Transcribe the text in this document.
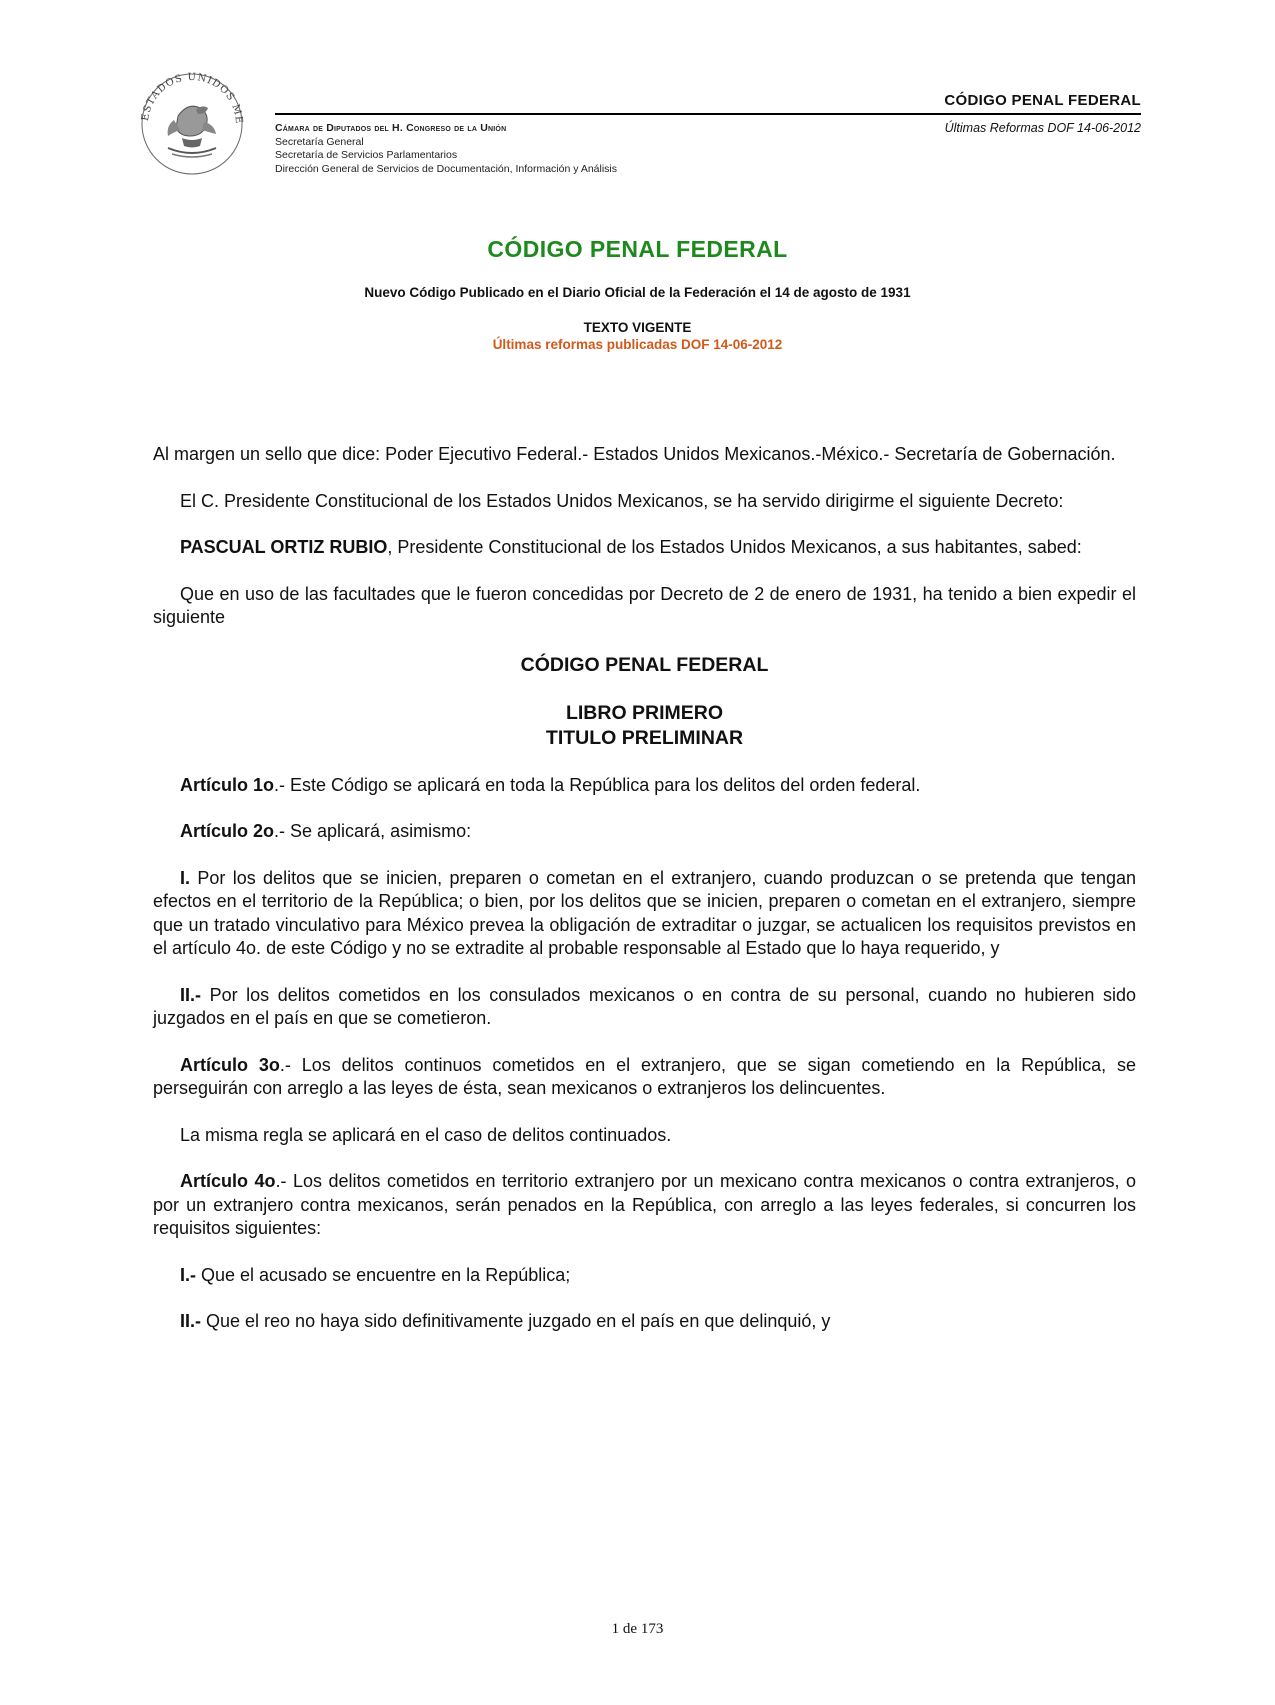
ESTADOS UNIDOS ME
CÓDIGO PENAL FEDERAL
Últimas Reformas DOF 14-06-2012
Cámara de Diputados del H. Congreso de la Unión
Secretaría General
Secretaría de Servicios Parlamentarios
Dirección General de Servicios de Documentación, Información y Análisis
CÓDIGO PENAL FEDERAL
Nuevo Código Publicado en el Diario Oficial de la Federación el 14 de agosto de 1931
TEXTO VIGENTE
Últimas reformas publicadas DOF 14-06-2012

Al margen un sello que dice: Poder Ejecutivo Federal.- Estados Unidos Mexicanos.-México.- Secretaría de Gobernación.

El C. Presidente Constitucional de los Estados Unidos Mexicanos, se ha servido dirigirme el siguiente Decreto:

PASCUAL ORTIZ RUBIO, Presidente Constitucional de los Estados Unidos Mexicanos, a sus habitantes, sabed:

Que en uso de las facultades que le fueron concedidas por Decreto de 2 de enero de 1931, ha tenido a bien expedir el siguiente

CÓDIGO PENAL FEDERAL
LIBRO PRIMERO
TITULO PRELIMINAR

Artículo 1o.- Este Código se aplicará en toda la República para los delitos del orden federal.

Artículo 2o.- Se aplicará, asimismo:

I. Por los delitos que se inicien, preparen o cometan en el extranjero, cuando produzcan o se pretenda que tengan efectos en el territorio de la República; o bien, por los delitos que se inicien, preparen o cometan en el extranjero, siempre que un tratado vinculativo para México prevea la obligación de extraditar o juzgar, se actualicen los requisitos previstos en el artículo 4o. de este Código y no se extradite al probable responsable al Estado que lo haya requerido, y

II.- Por los delitos cometidos en los consulados mexicanos o en contra de su personal, cuando no hubieren sido juzgados en el país en que se cometieron.

Artículo 3o.- Los delitos continuos cometidos en el extranjero, que se sigan cometiendo en la República, se perseguirán con arreglo a las leyes de ésta, sean mexicanos o extranjeros los delincuentes.

La misma regla se aplicará en el caso de delitos continuados.

Artículo 4o.- Los delitos cometidos en territorio extranjero por un mexicano contra mexicanos o contra extranjeros, o por un extranjero contra mexicanos, serán penados en la República, con arreglo a las leyes federales, si concurren los requisitos siguientes:

I.- Que el acusado se encuentre en la República;

II.- Que el reo no haya sido definitivamente juzgado en el país en que delinquió, y

1 de 173
